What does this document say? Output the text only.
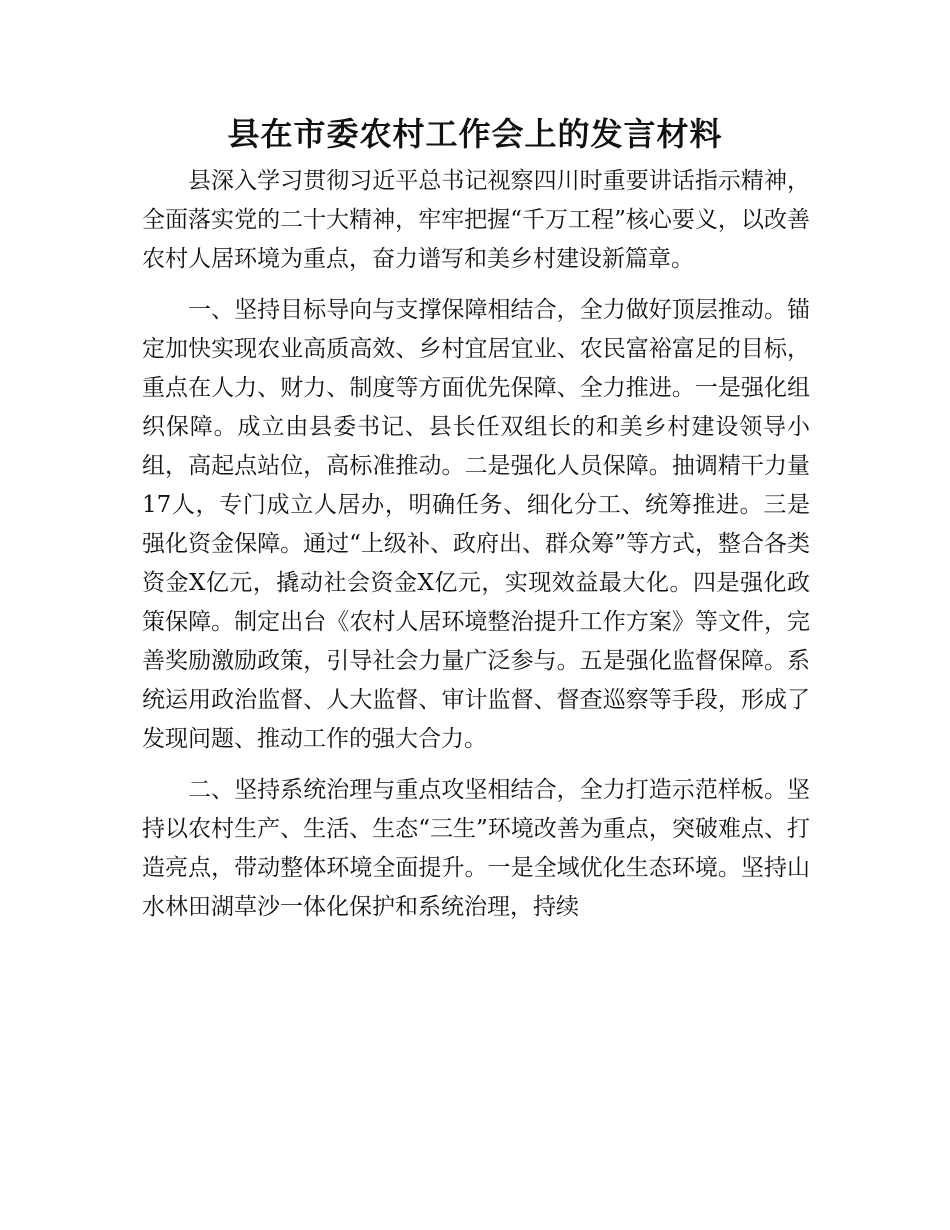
县在市委农村工作会上的发言材料

县深入学习贯彻习近平总书记视察四川时重要讲话指示精神，全面落实党的二十大精神，牢牢把握“千万工程”核心要义，以改善农村人居环境为重点，奋力谱写和美乡村建设新篇章。

一、坚持目标导向与支撑保障相结合，全力做好顶层推动。锚定加快实现农业高质高效、乡村宜居宜业、农民富裕富足的目标，重点在人力、财力、制度等方面优先保障、全力推进。一是强化组织保障。成立由县委书记、县长任双组长的和美乡村建设领导小组，高起点站位，高标准推动。二是强化人员保障。抽调精干力量17人，专门成立人居办，明确任务、细化分工、统筹推进。三是强化资金保障。通过“上级补、政府出、群众筹”等方式，整合各类资金X亿元，撬动社会资金X亿元，实现效益最大化。四是强化政策保障。制定出台《农村人居环境整治提升工作方案》等文件，完善奖励激励政策，引导社会力量广泛参与。五是强化监督保障。系统运用政治监督、人大监督、审计监督、督查巡察等手段，形成了发现问题、推动工作的强大合力。

二、坚持系统治理与重点攻坚相结合，全力打造示范样板。坚持以农村生产、生活、生态“三生”环境改善为重点，突破难点、打造亮点，带动整体环境全面提升。一是全域优化生态环境。坚持山水林田湖草沙一体化保护和系统治理，持续
